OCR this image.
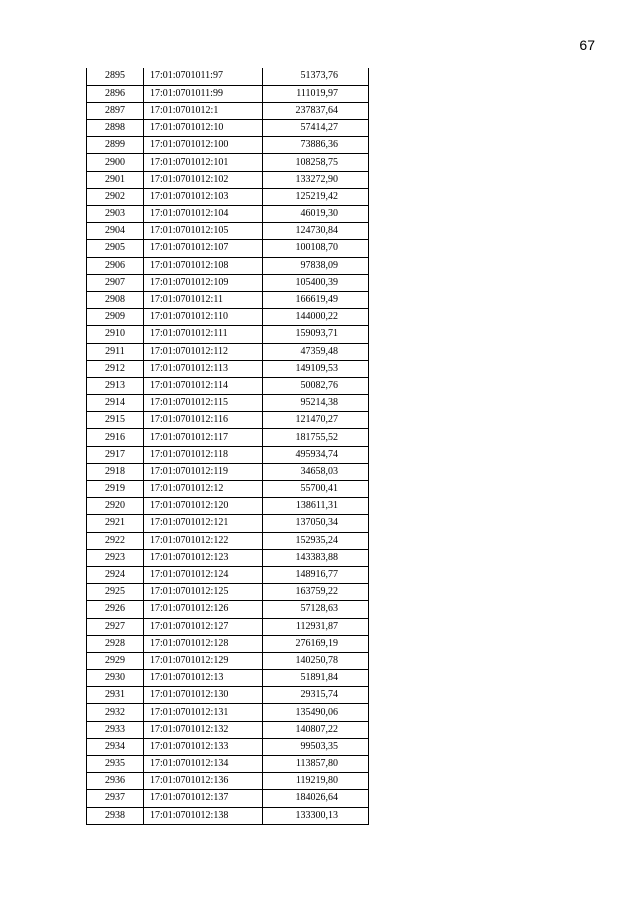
67
2895	17:01:0701011:97	51373,76
2896	17:01:0701011:99	111019,97
2897	17:01:0701012:1	237837,64
2898	17:01:0701012:10	57414,27
2899	17:01:0701012:100	73886,36
2900	17:01:0701012:101	108258,75
2901	17:01:0701012:102	133272,90
2902	17:01:0701012:103	125219,42
2903	17:01:0701012:104	46019,30
2904	17:01:0701012:105	124730,84
2905	17:01:0701012:107	100108,70
2906	17:01:0701012:108	97838,09
2907	17:01:0701012:109	105400,39
2908	17:01:0701012:11	166619,49
2909	17:01:0701012:110	144000,22
2910	17:01:0701012:111	159093,71
2911	17:01:0701012:112	47359,48
2912	17:01:0701012:113	149109,53
2913	17:01:0701012:114	50082,76
2914	17:01:0701012:115	95214,38
2915	17:01:0701012:116	121470,27
2916	17:01:0701012:117	181755,52
2917	17:01:0701012:118	495934,74
2918	17:01:0701012:119	34658,03
2919	17:01:0701012:12	55700,41
2920	17:01:0701012:120	138611,31
2921	17:01:0701012:121	137050,34
2922	17:01:0701012:122	152935,24
2923	17:01:0701012:123	143383,88
2924	17:01:0701012:124	148916,77
2925	17:01:0701012:125	163759,22
2926	17:01:0701012:126	57128,63
2927	17:01:0701012:127	112931,87
2928	17:01:0701012:128	276169,19
2929	17:01:0701012:129	140250,78
2930	17:01:0701012:13	51891,84
2931	17:01:0701012:130	29315,74
2932	17:01:0701012:131	135490,06
2933	17:01:0701012:132	140807,22
2934	17:01:0701012:133	99503,35
2935	17:01:0701012:134	113857,80
2936	17:01:0701012:136	119219,80
2937	17:01:0701012:137	184026,64
2938	17:01:0701012:138	133300,13
